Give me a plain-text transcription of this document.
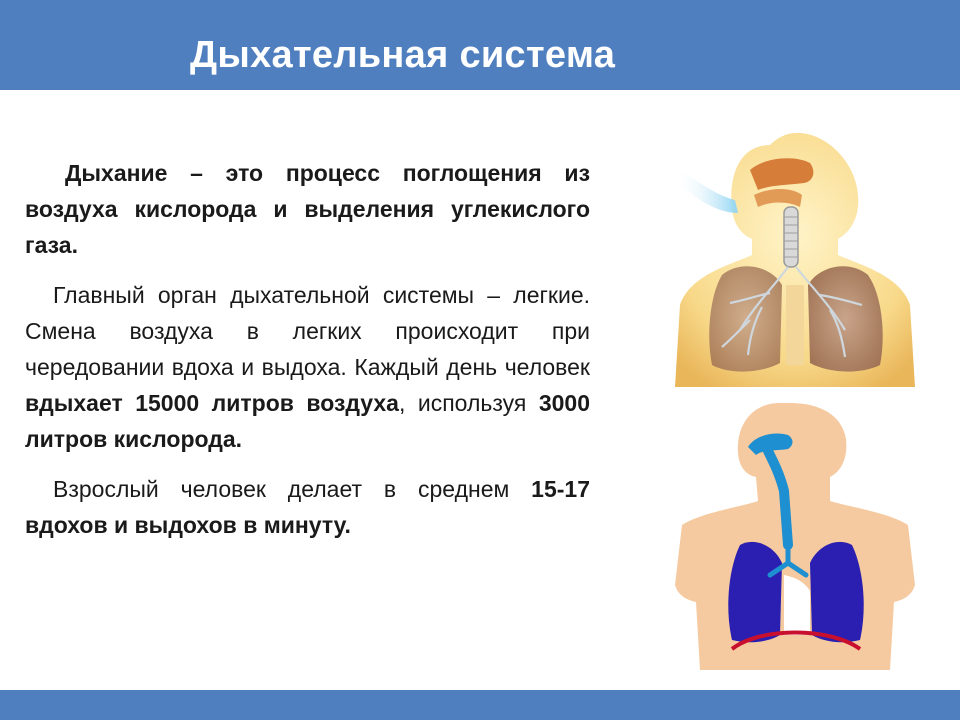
Дыхательная система

Дыхание – это процесс поглощения из воздуха кислорода и выделения углекислого газа.

Главный орган дыхательной системы – легкие. Смена воздуха в легких происходит при чередовании вдоха и выдоха. Каждый день человек вдыхает 15000 литров воздуха, используя 3000 литров кислорода.

Взрослый человек делает в среднем 15-17 вдохов и выдохов в минуту.
